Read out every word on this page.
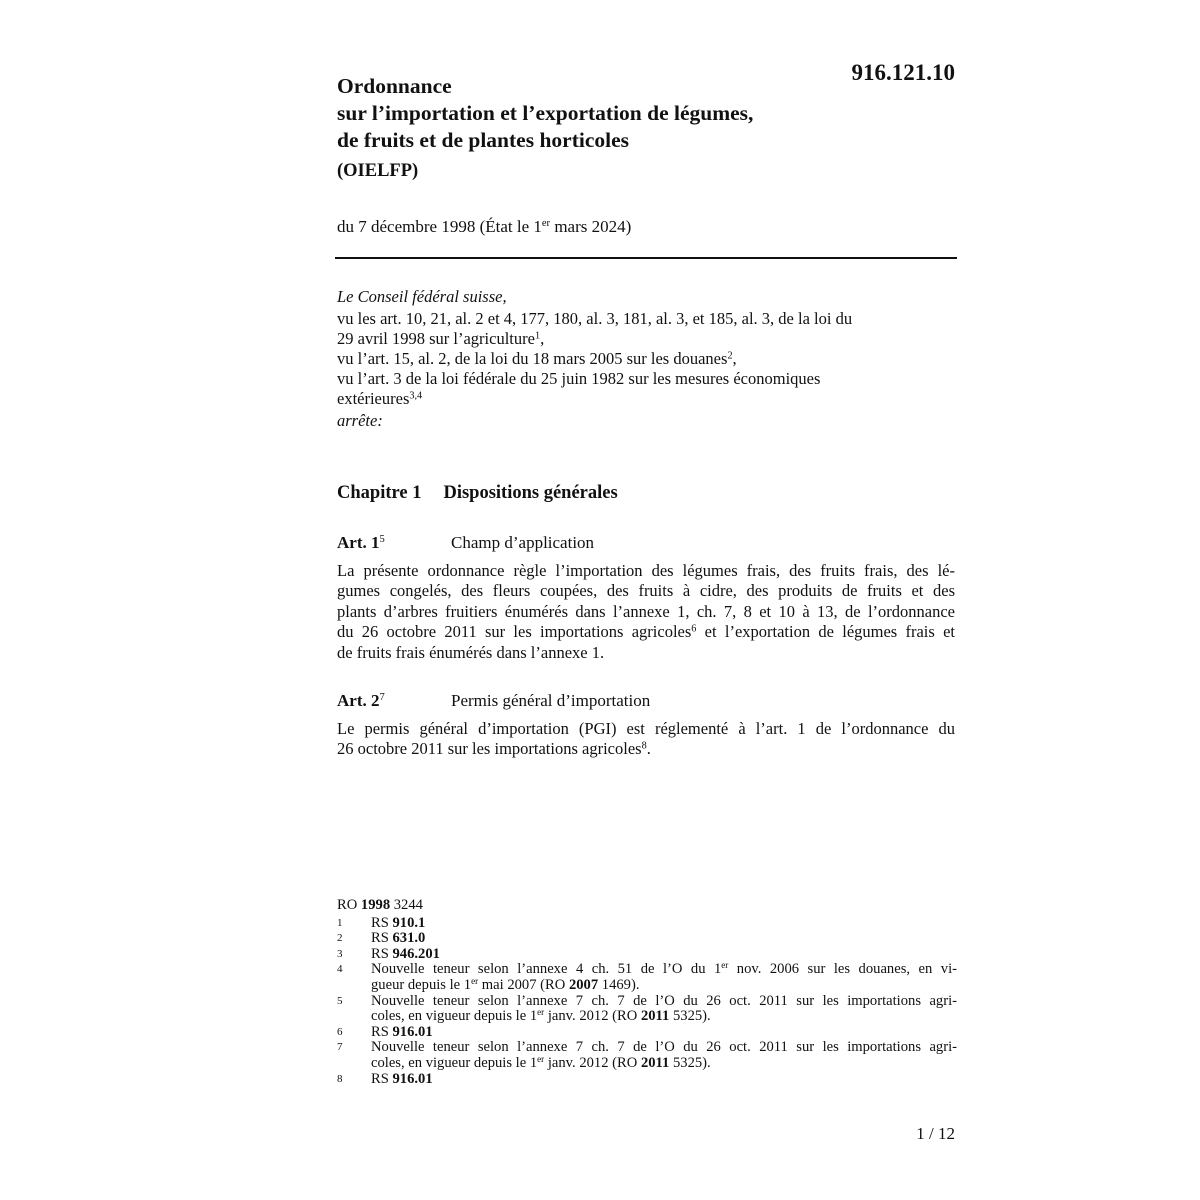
916.121.10
Ordonnance
sur l’importation et l’exportation de légumes,
de fruits et de plantes horticoles
(OIELFP)
du 7 décembre 1998 (État le 1er mars 2024)
Le Conseil fédéral suisse,
vu les art. 10, 21, al. 2 et 4, 177, 180, al. 3, 181, al. 3, et 185, al. 3, de la loi du
29 avril 1998 sur l’agriculture$^1$,
vu l’art. 15, al. 2, de la loi du 18 mars 2005 sur les douanes$^2$,
vu l’art. 3 de la loi fédérale du 25 juin 1982 sur les mesures économiques
extérieures$^{3,4}$
arrête:
Chapitre 1 Dispositions générales
Art. $1^5$	Champ d’application
La présente ordonnance règle l’importation des légumes frais, des fruits frais, des lé-
gumes congelés, des fleurs coupées, des fruits à cidre, des produits de fruits et des
plants d’arbres fruitiers énumérés dans l’annexe 1, ch. 7, 8 et 10 à 13, de l’ordonnance
du 26 octobre 2011 sur les importations agricoles$^6$ et l’exportation de légumes frais et
de fruits frais énumérés dans l’annexe 1.
Art. $2^7$	Permis général d’importation
Le permis général d’importation (PGI) est réglementé à l’art. 1 de l’ordonnance du
26 octobre 2011 sur les importations agricoles$^8$.
RO 1998 3244
1	RS 910.1
2	RS 631.0
3	RS 946.201
4	Nouvelle teneur selon l’annexe 4 ch. 51 de l’O du 1er nov. 2006 sur les douanes, en vi-
gueur depuis le 1er mai 2007 (RO 2007 1469).
5	Nouvelle teneur selon l’annexe 7 ch. 7 de l’O du 26 oct. 2011 sur les importations agri-
coles, en vigueur depuis le 1er janv. 2012 (RO 2011 5325).
6	RS 916.01
7	Nouvelle teneur selon l’annexe 7 ch. 7 de l’O du 26 oct. 2011 sur les importations agri-
coles, en vigueur depuis le 1er janv. 2012 (RO 2011 5325).
8	RS 916.01
1 / 12
